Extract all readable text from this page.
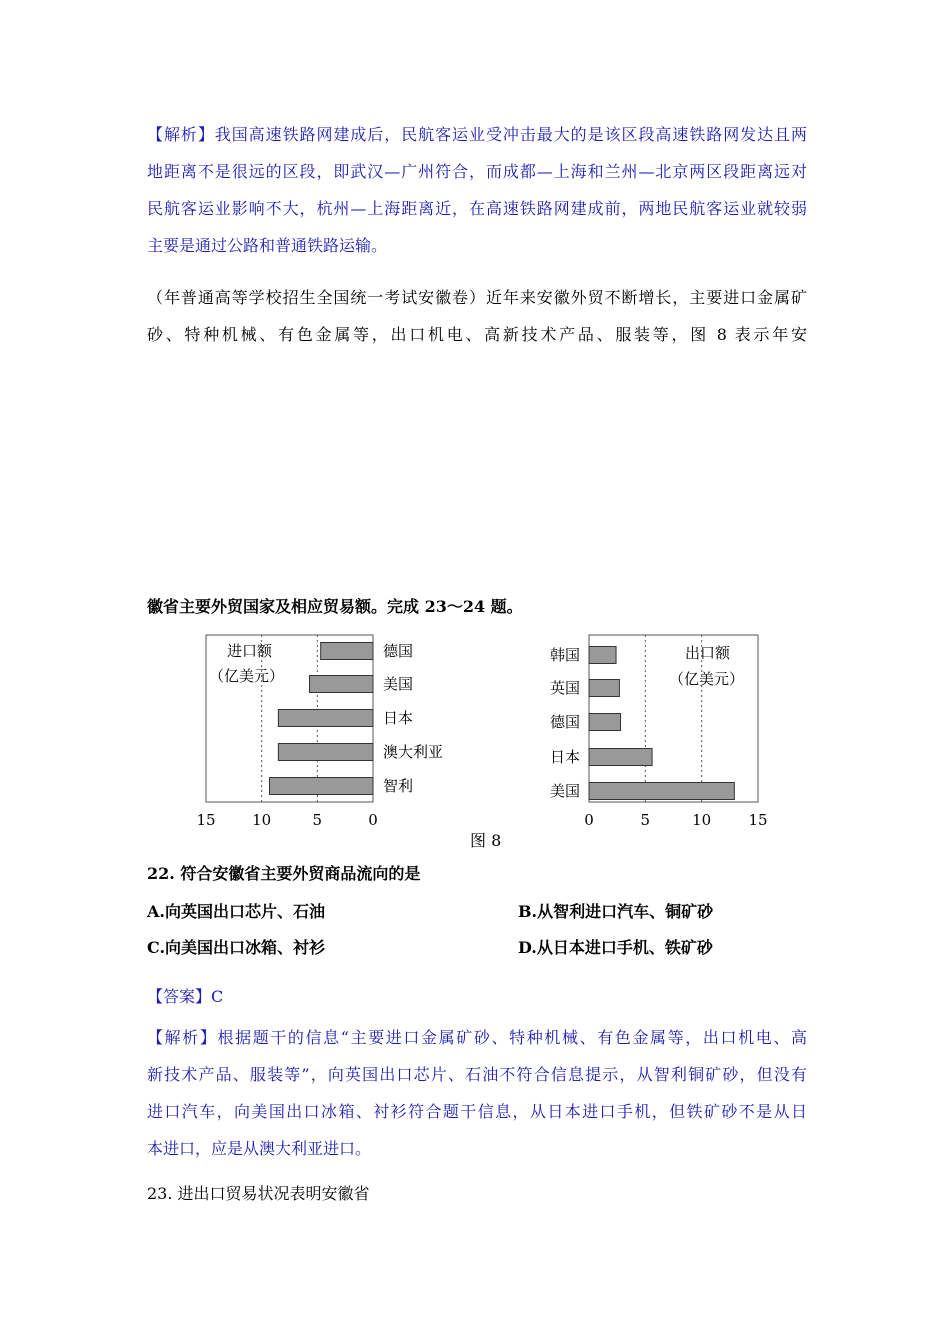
【解析】我国高速铁路网建成后，民航客运业受冲击最大的是该区段高速铁路网发达且两
地距离不是很远的区段，即武汉—广州符合，而成都—上海和兰州—北京两区段距离远对
民航客运业影响不大，杭州—上海距离近，在高速铁路网建成前，两地民航客运业就较弱
主要是通过公路和普通铁路运输。
（年普通高等学校招生全国统一考试安徽卷）近年来安徽外贸不断增长，主要进口金属矿
砂、特种机械、有色金属等，出口机电、高新技术产品、服装等，图 8 表示年安
徽省主要外贸国家及相应贸易额。完成 23～24 题。
进口额
（亿美元）
德国
美国
日本
澳大利亚
智利
15 10	5	0
出口额
（亿美元）
韩国
英国
德国
日本
美国
0	5	10 15
图 8
22. 符合安徽省主要外贸商品流向的是
A.向英国出口芯片、石油	B.从智利进口汽车、铜矿砂
C.向美国出口冰箱、衬衫	D.从日本进口手机、铁矿砂
【答案】C
【解析】根据题干的信息“主要进口金属矿砂、特种机械、有色金属等，出口机电、高
新技术产品、服装等”，向英国出口芯片、石油不符合信息提示，从智利铜矿砂，但没有
进口汽车，向美国出口冰箱、衬衫符合题干信息，从日本进口手机，但铁矿砂不是从日
本进口，应是从澳大利亚进口。
23. 进出口贸易状况表明安徽省
